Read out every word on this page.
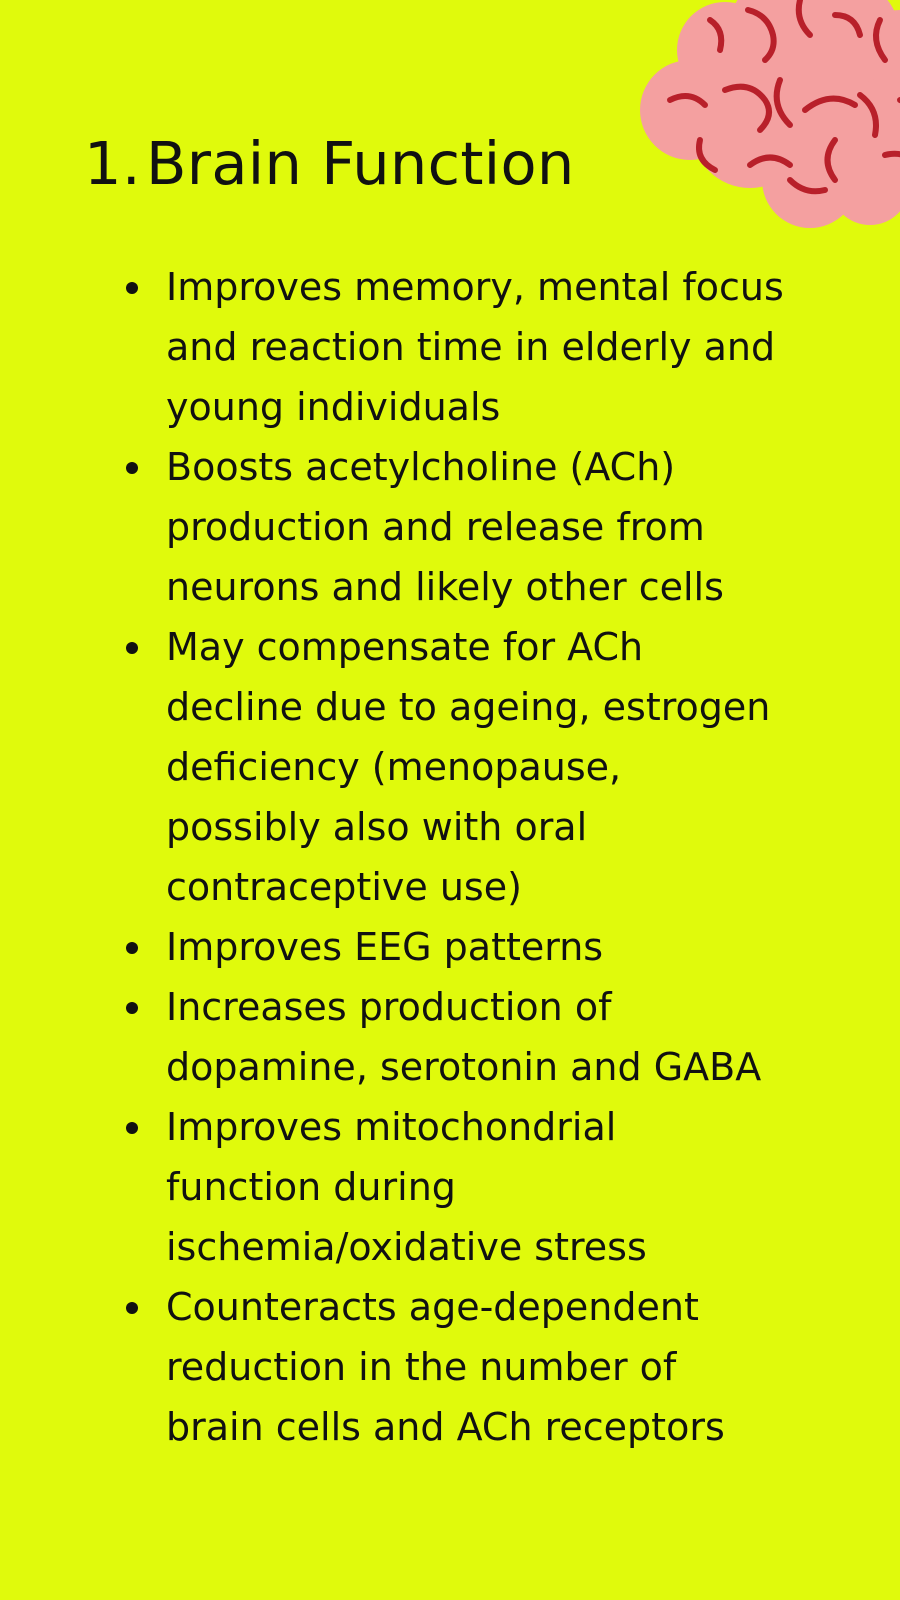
1. Brain Function
Improves memory, mental focus
and reaction time in elderly and
young individuals
Boosts acetylcholine (ACh)
production and release from
neurons and likely other cells
May compensate for ACh
decline due to ageing, estrogen
deficiency (menopause,
possibly also with oral
contraceptive use)
Improves EEG patterns
Increases production of
dopamine, serotonin and GABA
Improves mitochondrial
function during
ischemia/oxidative stress
Counteracts age-dependent
reduction in the number of
brain cells and ACh receptors
